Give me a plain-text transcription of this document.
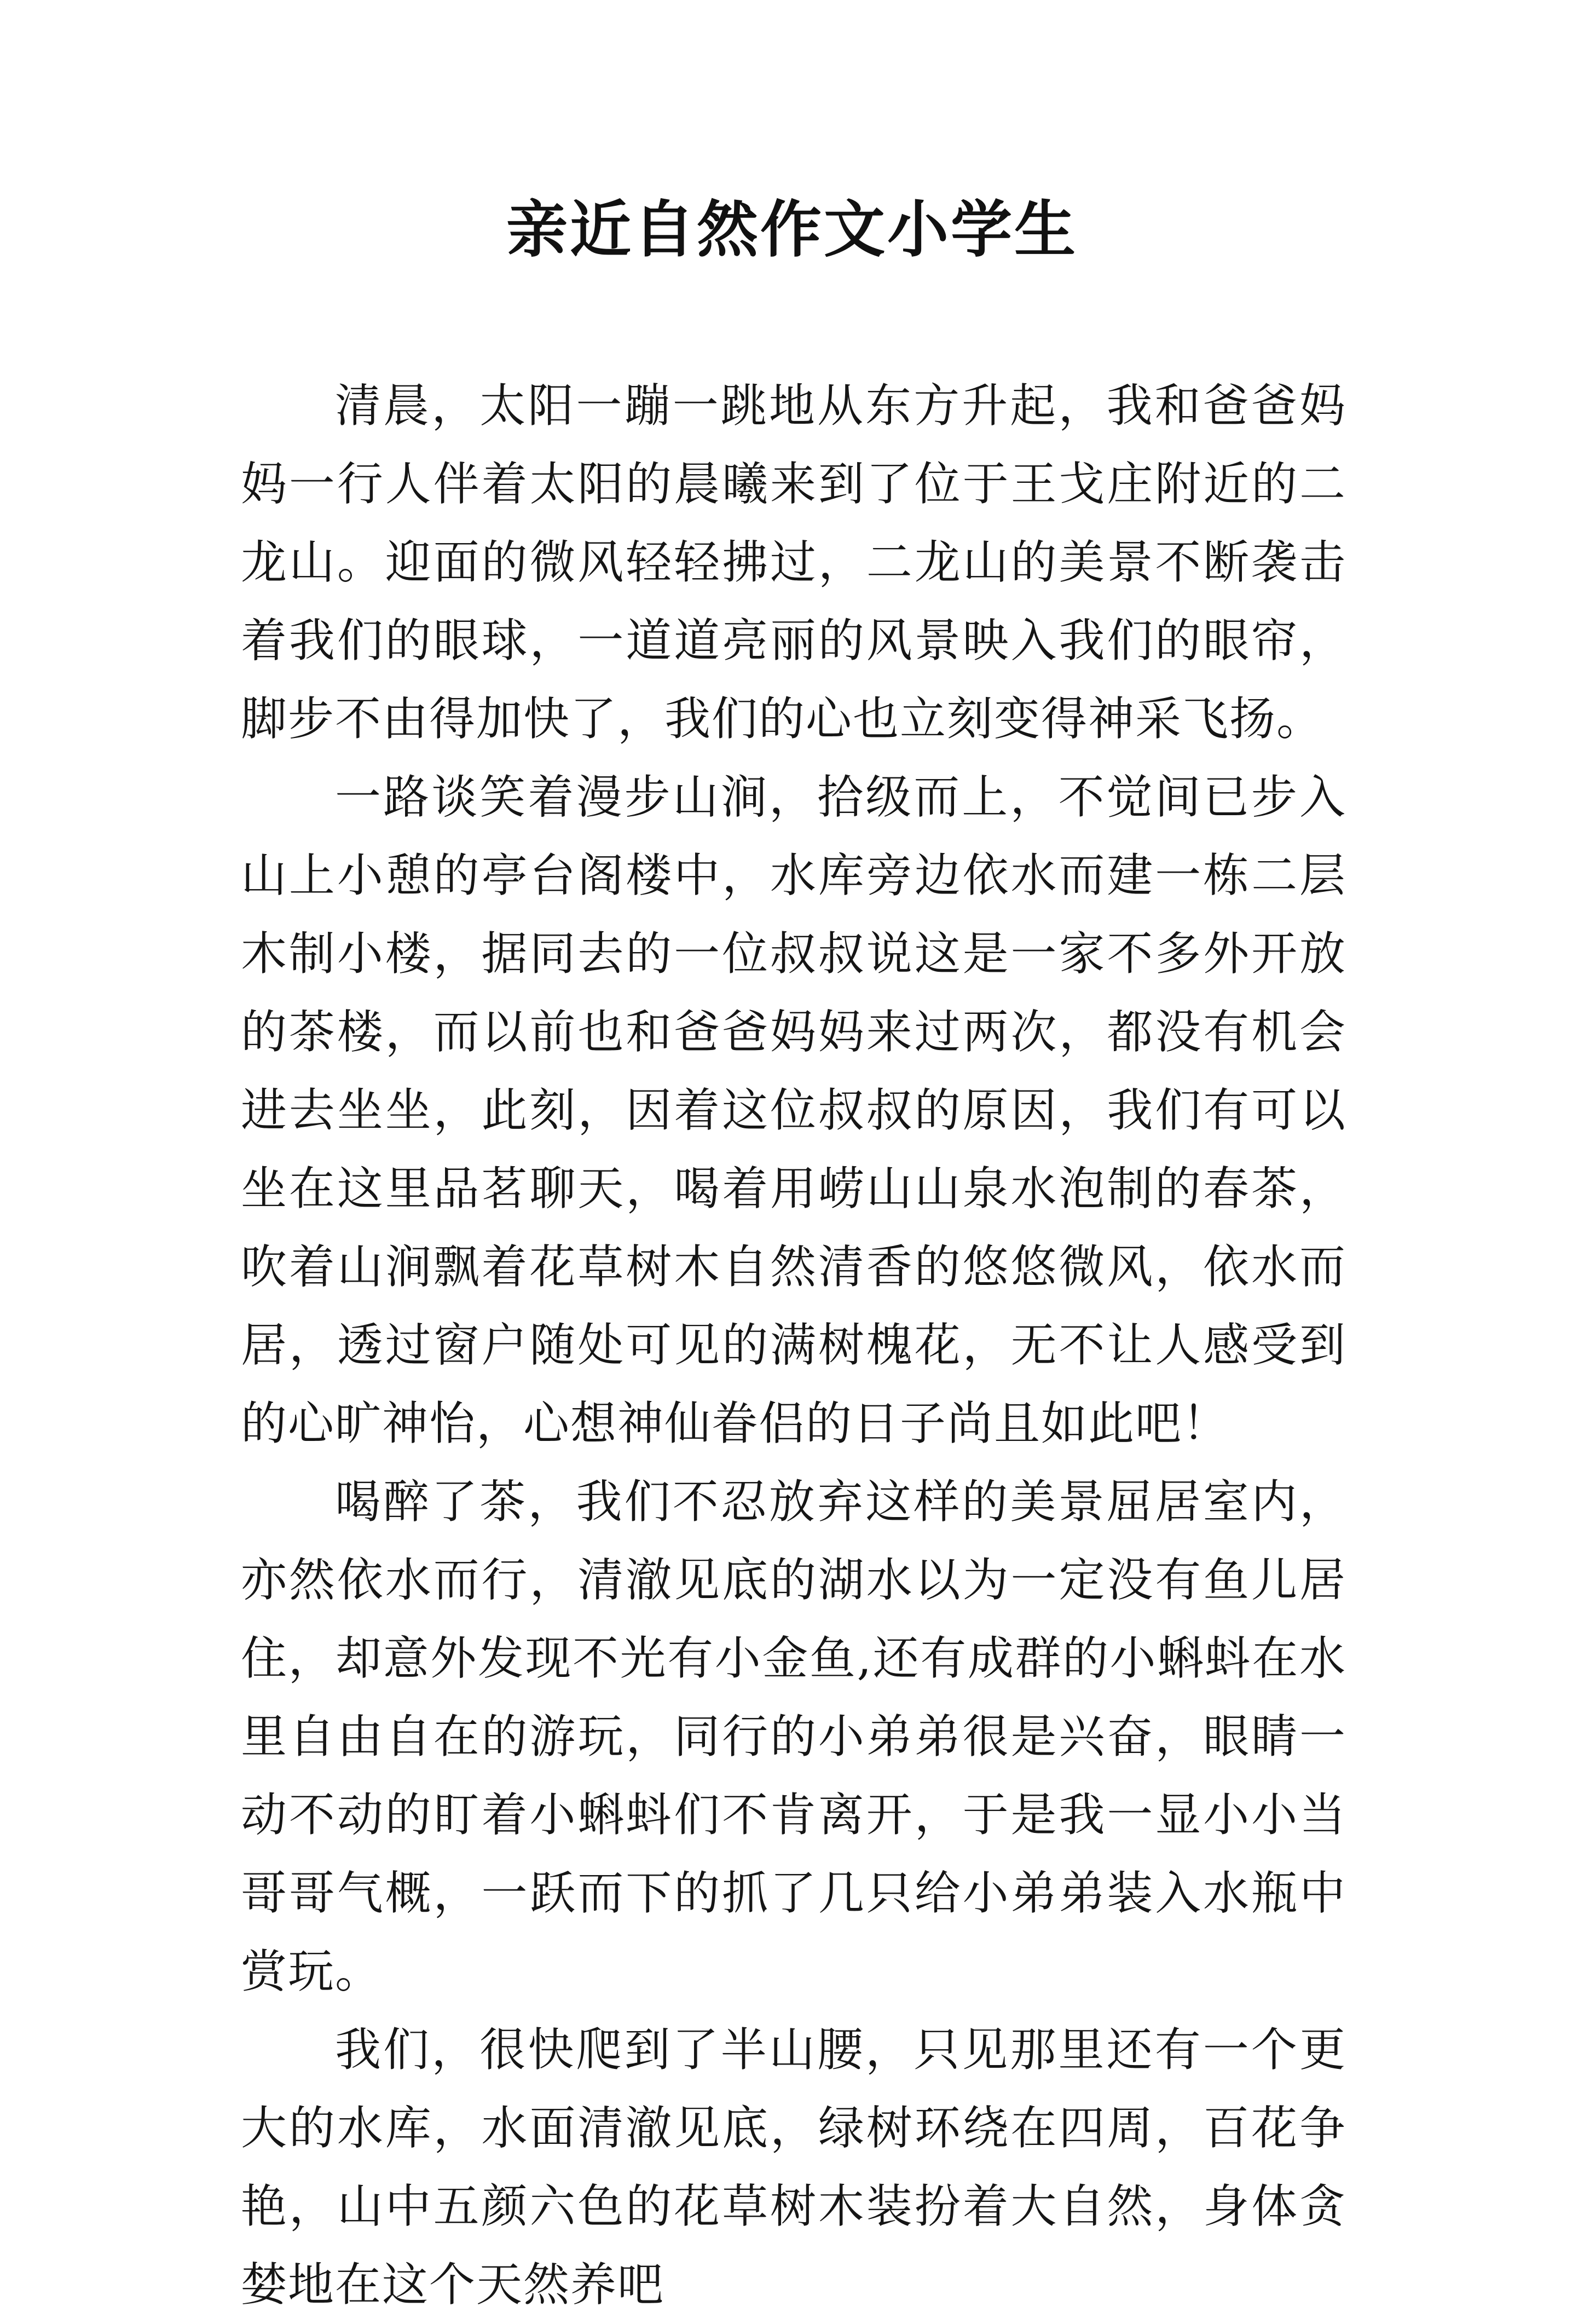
亲近自然作文小学生

清晨，太阳一蹦一跳地从东方升起，我和爸爸妈妈一行人伴着太阳的晨曦来到了位于王戈庄附近的二龙山。迎面的微风轻轻拂过，二龙山的美景不断袭击着我们的眼球，一道道亮丽的风景映入我们的眼帘，脚步不由得加快了，我们的心也立刻变得神采飞扬。

一路谈笑着漫步山涧，拾级而上，不觉间已步入山上小憩的亭台阁楼中，水库旁边依水而建一栋二层木制小楼，据同去的一位叔叔说这是一家不多外开放的茶楼，而以前也和爸爸妈妈来过两次，都没有机会进去坐坐，此刻，因着这位叔叔的原因，我们有可以坐在这里品茗聊天，喝着用崂山山泉水泡制的春茶，吹着山涧飘着花草树木自然清香的悠悠微风，依水而居，透过窗户随处可见的满树槐花，无不让人感受到的心旷神怡，心想神仙眷侣的日子尚且如此吧！

喝醉了茶，我们不忍放弃这样的美景屈居室内，亦然依水而行，清澈见底的湖水以为一定没有鱼儿居住，却意外发现不光有小金鱼,还有成群的小蝌蚪在水里自由自在的游玩，同行的小弟弟很是兴奋，眼睛一动不动的盯着小蝌蚪们不肯离开，于是我一显小小当哥哥气概，一跃而下的抓了几只给小弟弟装入水瓶中赏玩。

我们，很快爬到了半山腰，只见那里还有一个更大的水库，水面清澈见底，绿树环绕在四周，百花争艳，山中五颜六色的花草树木装扮着大自然，身体贪婪地在这个天然养吧
